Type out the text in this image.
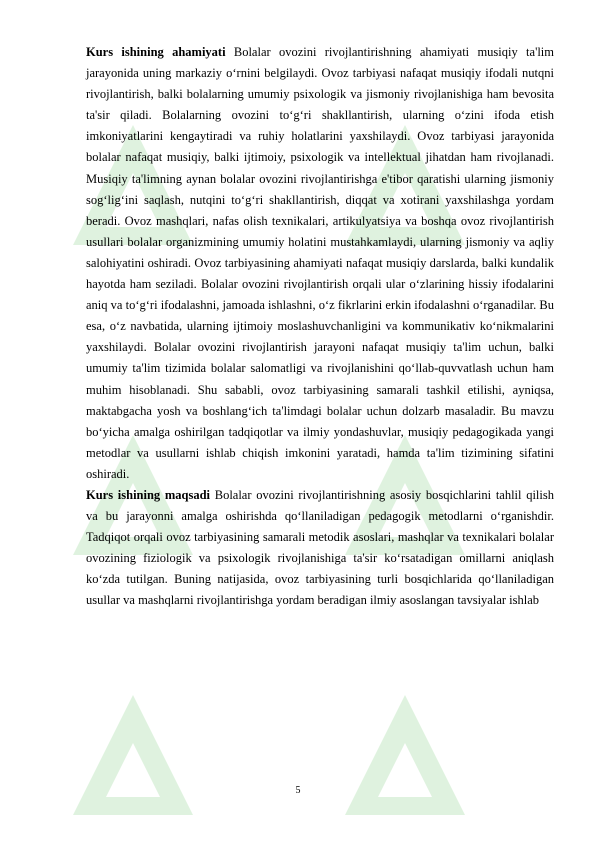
Kurs ishining ahamiyati Bolalar ovozini rivojlantirishning ahamiyati musiqiy ta'lim jarayonida uning markaziy o‘rnini belgilaydi. Ovoz tarbiyasi nafaqat musiqiy ifodali nutqni rivojlantirish, balki bolalarning umumiy psixologik va jismoniy rivojlanishiga ham bevosita ta'sir qiladi. Bolalarning ovozini to‘g‘ri shakllantirish, ularning o‘zini ifoda etish imkoniyatlarini kengaytiradi va ruhiy holatlarini yaxshilaydi. Ovoz tarbiyasi jarayonida bolalar nafaqat musiqiy, balki ijtimoiy, psixologik va intellektual jihatdan ham rivojlanadi. Musiqiy ta'limning aynan bolalar ovozini rivojlantirishga e'tibor qaratishi ularning jismoniy sog‘lig‘ini saqlash, nutqini to‘g‘ri shakllantirish, diqqat va xotirani yaxshilashga yordam beradi. Ovoz mashqlari, nafas olish texnikalari, artikulyatsiya va boshqa ovoz rivojlantirish usullari bolalar organizmining umumiy holatini mustahkamlaydi, ularning jismoniy va aqliy salohiyatini oshiradi. Ovoz tarbiyasining ahamiyati nafaqat musiqiy darslarda, balki kundalik hayotda ham seziladi. Bolalar ovozini rivojlantirish orqali ular o‘zlarining hissiy ifodalarini aniq va to‘g‘ri ifodalashni, jamoada ishlashni, o‘z fikrlarini erkin ifodalashni o‘rganadilar. Bu esa, o‘z navbatida, ularning ijtimoiy moslashuvchanligini va kommunikativ ko‘nikmalarini yaxshilaydi. Bolalar ovozini rivojlantirish jarayoni nafaqat musiqiy ta'lim uchun, balki umumiy ta'lim tizimida bolalar salomatligi va rivojlanishini qo‘llab-quvvatlash uchun ham muhim hisoblanadi. Shu sababli, ovoz tarbiyasining samarali tashkil etilishi, ayniqsa, maktabgacha yosh va boshlang‘ich ta'limdagi bolalar uchun dolzarb masaladir. Bu mavzu bo‘yicha amalga oshirilgan tadqiqotlar va ilmiy yondashuvlar, musiqiy pedagogikada yangi metodlar va usullarni ishlab chiqish imkonini yaratadi, hamda ta'lim tizimining sifatini oshiradi.

Kurs ishining maqsadi Bolalar ovozini rivojlantirishning asosiy bosqichlarini tahlil qilish va bu jarayonni amalga oshirishda qo‘llaniladigan pedagogik metodlarni o‘rganishdir. Tadqiqot orqali ovoz tarbiyasining samarali metodik asoslari, mashqlar va texnikalari bolalar ovozining fiziologik va psixologik rivojlanishiga ta'sir ko‘rsatadigan omillarni aniqlash ko‘zda tutilgan. Buning natijasida, ovoz tarbiyasining turli bosqichlarida qo‘llaniladigan usullar va mashqlarni rivojlantirishga yordam beradigan ilmiy asoslangan tavsiyalar ishlab

5
